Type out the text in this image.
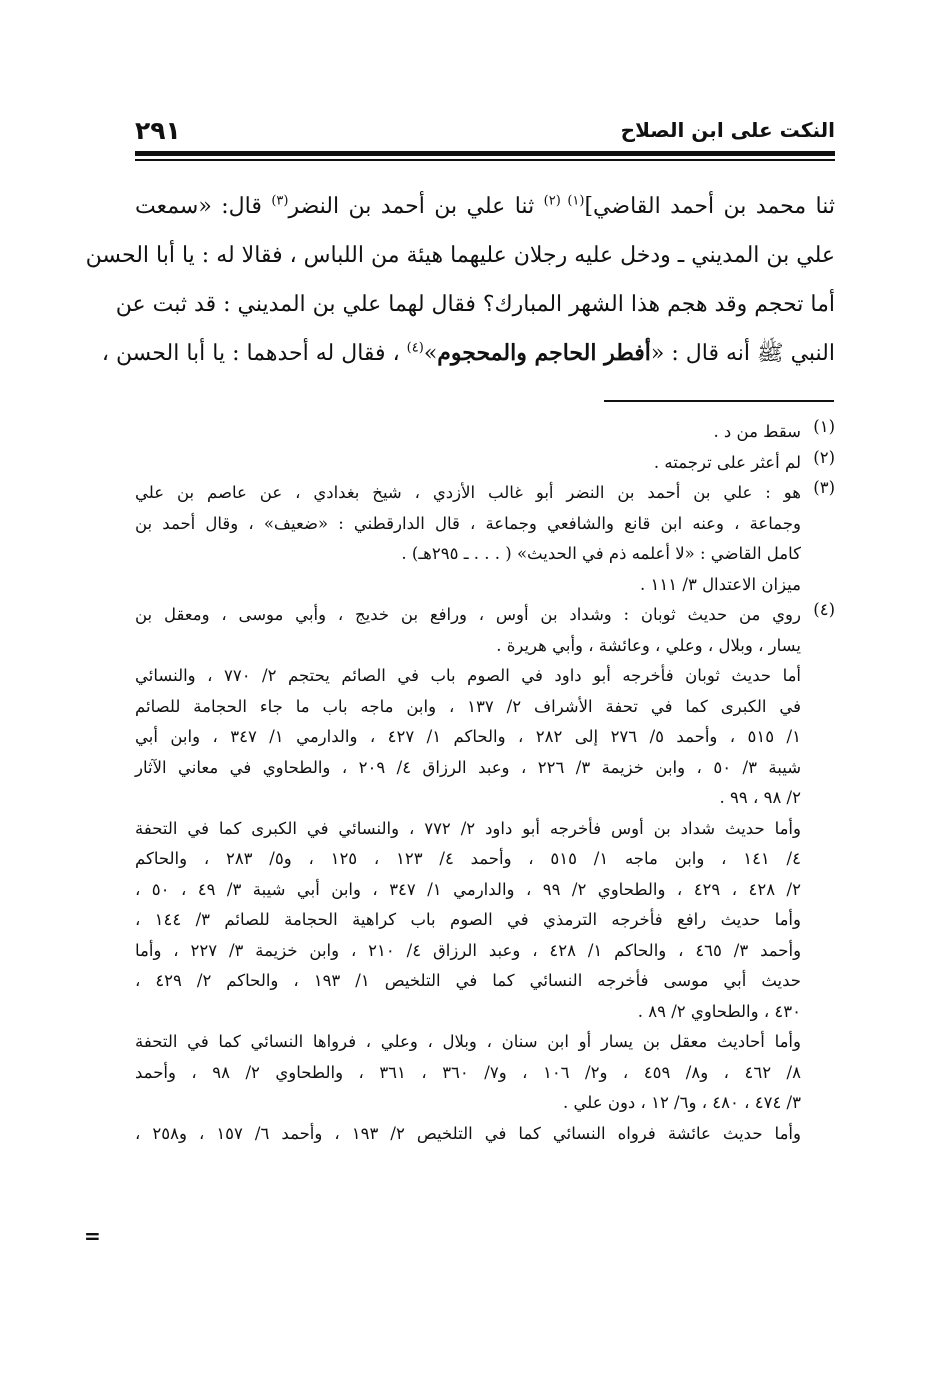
٢٩١	النكت على ابن الصلاح

ثنا محمد بن أحمد القاضي]$^{(١) (٢)}$ ثنا علي بن أحمد بن النضر$^{(٣)}$ قال: «سمعت

علي بن المديني ـ ودخل عليه رجلان عليهما هيئة من اللباس ، فقالا له : يا أبا الحسن

أما تحجم وقد هجم هذا الشهر المبارك؟ فقال لهما علي بن المديني : قد ثبت عن

النبي ﷺ أنه قال : «أفطر الحاجم والمحجوم»$^{(٤)}$ ، فقال له أحدهما : يا أبا الحسن ،

(١)
سقط من د .
(٢)
لم أعثر على ترجمته .
(٣)
هو : علي بن أحمد بن النضر أبو غالب الأزدي ، شيخ بغدادي ، عن عاصم بن علي
وجماعة ، وعنه ابن قانع والشافعي وجماعة ، قال الدارقطني : «ضعيف» ، وقال أحمد بن
كامل القاضي : «لا أعلمه ذم في الحديث» ( . . . ـ ٢٩٥هـ) .
ميزان الاعتدال ٣/ ١١١ .
(٤)
روي من حديث ثوبان : وشداد بن أوس ، ورافع بن خديج ، وأبي موسى ، ومعقل بن
يسار ، وبلال ، وعلي ، وعائشة ، وأبي هريرة .
أما حديث ثوبان فأخرجه أبو داود في الصوم باب في الصائم يحتجم ٢/ ٧٧٠ ، والنسائي
في الكبرى كما في تحفة الأشراف ٢/ ١٣٧ ، وابن ماجه باب ما جاء الحجامة للصائم
١/ ٥١٥ ، وأحمد ٥/ ٢٧٦ إلى ٢٨٢ ، والحاكم ١/ ٤٢٧ ، والدارمي ١/ ٣٤٧ ، وابن أبي
شيبة ٣/ ٥٠ ، وابن خزيمة ٣/ ٢٢٦ ، وعبد الرزاق ٤/ ٢٠٩ ، والطحاوي في معاني الآثار
٢/ ٩٨ ، ٩٩ .
وأما حديث شداد بن أوس فأخرجه أبو داود ٢/ ٧٧٢ ، والنسائي في الكبرى كما في التحفة
٤/ ١٤١ ، وابن ماجه ١/ ٥١٥ ، وأحمد ٤/ ١٢٣ ، ١٢٥ ، و٥/ ٢٨٣ ، والحاكم
٢/ ٤٢٨ ، ٤٢٩ ، والطحاوي ٢/ ٩٩ ، والدارمي ١/ ٣٤٧ ، وابن أبي شيبة ٣/ ٤٩ ، ٥٠ ،
وأما حديث رافع فأخرجه الترمذي في الصوم باب كراهية الحجامة للصائم ٣/ ١٤٤ ،
وأحمد ٣/ ٤٦٥ ، والحاكم ١/ ٤٢٨ ، وعبد الرزاق ٤/ ٢١٠ ، وابن خزيمة ٣/ ٢٢٧ ، وأما
حديث أبي موسى فأخرجه النسائي كما في التلخيص ١/ ١٩٣ ، والحاكم ٢/ ٤٢٩ ،
٤٣٠ ، والطحاوي ٢/ ٨٩ .
وأما أحاديث معقل بن يسار أو ابن سنان ، وبلال ، وعلي ، فرواها النسائي كما في التحفة
٨/ ٤٦٢ ، و٨/ ٤٥٩ ، و٢/ ١٠٦ ، و٧/ ٣٦٠ ، ٣٦١ ، والطحاوي ٢/ ٩٨ ، وأحمد
٣/ ٤٧٤ ، ٤٨٠ ، و٦/ ١٢ ، دون علي .
وأما حديث عائشة فرواه النسائي كما في التلخيص ٢/ ١٩٣ ، وأحمد ٦/ ١٥٧ ، و٢٥٨ ،
=
